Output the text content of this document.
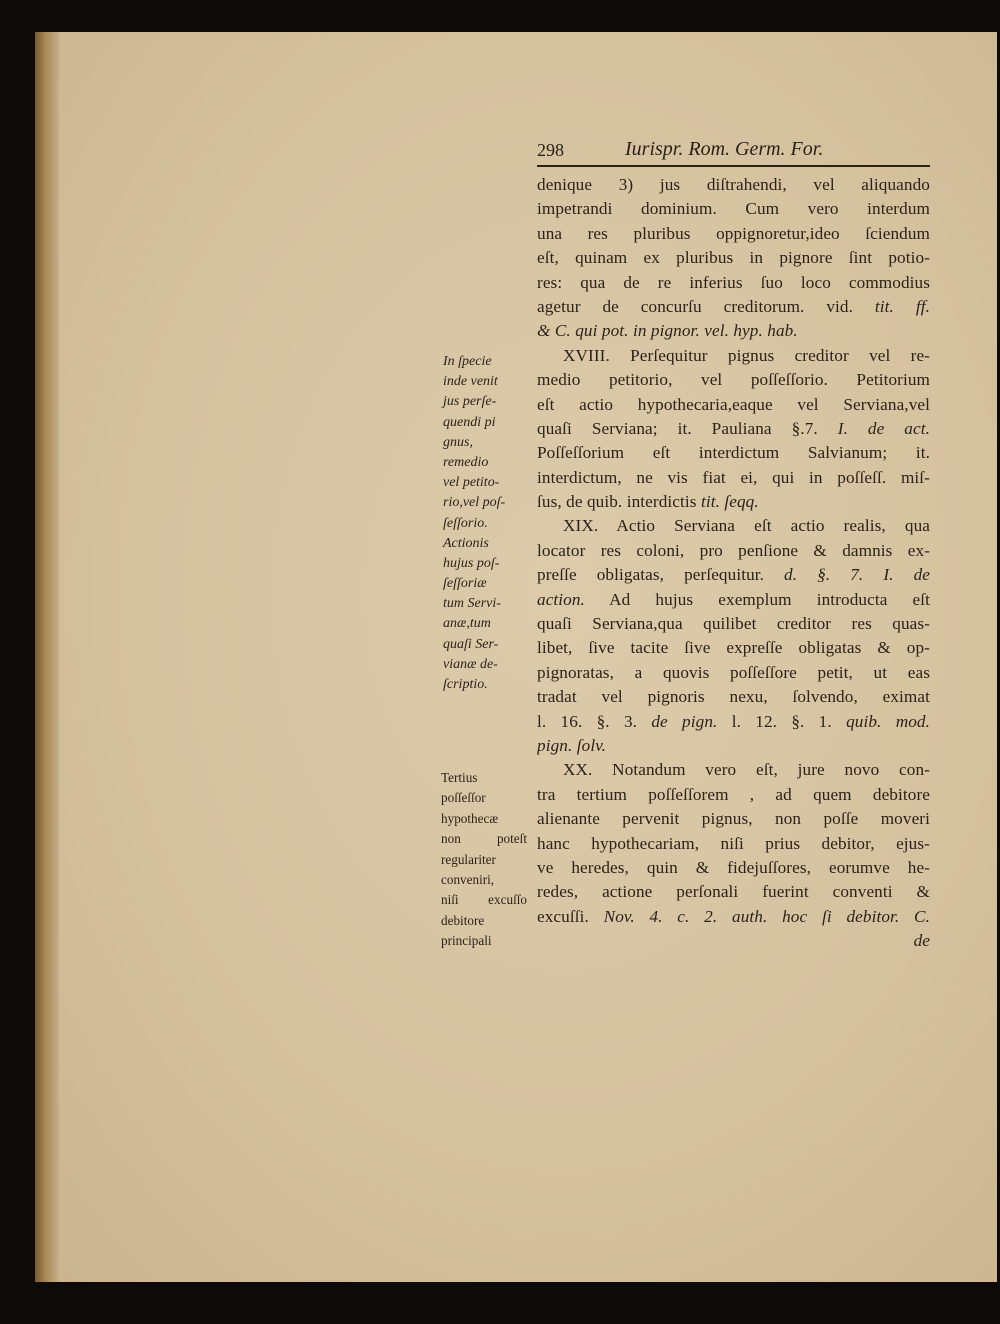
298	Iurispr. Rom. Germ. For.
denique 3) jus diſtrahendi, vel aliquando
impetrandi dominium. Cum vero interdum
una res pluribus oppignoretur,ideo ſciendum
eſt, quinam ex pluribus in pignore ſint potio-
res: qua de re inferius ſuo loco commodius
agetur de concurſu creditorum. vid. tit. ff.
& C. qui pot. in pignor. vel. hyp. hab.
XVIII. Perſequitur pignus creditor vel re-
medio petitorio, vel poſſeſſorio. Petitorium
eſt actio hypothecaria,eaque vel Serviana,vel
quaſi Serviana; it. Pauliana §.7. I. de act.
Poſſeſſorium eſt interdictum Salvianum; it.
interdictum, ne vis fiat ei, qui in poſſeſſ. miſ-
ſus, de quib. interdictis tit. ſeqq.
XIX. Actio Serviana eſt actio realis, qua
locator res coloni, pro penſione & damnis ex-
preſſe obligatas, perſequitur. d. §. 7. I. de
action. Ad hujus exemplum introducta eſt
quaſi Serviana,qua quilibet creditor res quas-
libet, ſive tacite ſive expreſſe obligatas & op-
pignoratas, a quovis poſſeſſore petit, ut eas
tradat vel pignoris nexu, ſolvendo, eximat
l. 16. §. 3. de pign. l. 12. §. 1. quib. mod.
pign. ſolv.
XX. Notandum vero eſt, jure novo con-
tra tertium poſſeſſorem , ad quem debitore
alienante pervenit pignus, non poſſe moveri
hanc hypothecariam, niſi prius debitor, ejus-
ve heredes, quin & fidejuſſores, eorumve he-
redes, actione perſonali fuerint conventi &
excuſſi. Nov. 4. c. 2. auth. hoc ſi debitor. C.
de
In ſpecie
inde venit
jus perſe-
quendi pi
gnus,
remedio
vel petito-
rio,vel poſ-
ſeſſorio.
Actionis
hujus poſ-
ſeſſoriæ
tum Servi-
anæ,tum
quaſi Ser-
vianæ de-
ſcriptio.
Tertius
poſſeſſor
hypothecæ
non poteſt
regulariter
conveniri,
niſi excuſſo
debitore
principali
